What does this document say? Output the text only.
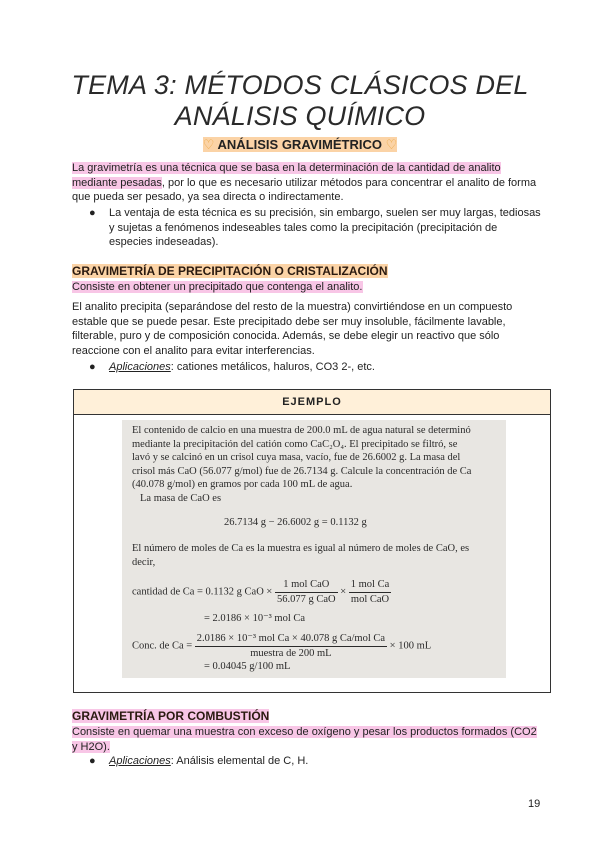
TEMA 3: MÉTODOS CLÁSICOS DEL
ANÁLISIS QUÍMICO
♡ ANÁLISIS GRAVIMÉTRICO ♡

La gravimetría es una técnica que se basa en la determinación de la cantidad de analito
mediante pesadas, por lo que es necesario utilizar métodos para concentrar el analito de forma
que pueda ser pesado, ya sea directa o indirectamente.

● La ventaja de esta técnica es su precisión, sin embargo, suelen ser muy largas, tediosas
y sujetas a fenómenos indeseables tales como la precipitación (precipitación de
especies indeseadas).
GRAVIMETRÍA DE PRECIPITACIÓN O CRISTALIZACIÓN

Consiste en obtener un precipitado que contenga el analito.

El analito precipita (separándose del resto de la muestra) convirtiéndose en un compuesto
estable que se puede pesar. Este precipitado debe ser muy insoluble, fácilmente lavable,
filterable, puro y de composición conocida. Además, se debe elegir un reactivo que sólo
reaccione con el analito para evitar interferencias.

● Aplicaciones: cationes metálicos, haluros, CO3 2-, etc.
EJEMPLO

El contenido de calcio en una muestra de 200.0 mL de agua natural se determinó
mediante la precipitación del catión como CaC₂O₄. El precipitado se filtró, se
lavó y se calcinó en un crisol cuya masa, vacío, fue de 26.6002 g. La masa del
crisol más CaO (56.077 g/mol) fue de 26.7134 g. Calcule la concentración de Ca
(40.078 g/mol) en gramos por cada 100 mL de agua.

La masa de CaO es

26.7134 g − 26.6002 g = 0.1132 g

El número de moles de Ca es la muestra es igual al número de moles de CaO, es
decir,

cantidad de Ca = 0.1132 g CaO × $\frac{\text{1 mol CaO}}{\text{56.077 g CaO}} \times \frac{\text{1 mol Ca}}{\text{mol CaO}}$
= 2.0186 × 10⁻³ mol Ca
Conc. de $Ca = \frac{\text{2.0186 × 10⁻³ mol Ca × 40.078 g Ca/mol Ca}}{\text{muestra de 200 mL}} \times 100$ mL
= 0.04045 g/100 mL
GRAVIMETRÍA POR COMBUSTIÓN

Consiste en quemar una muestra con exceso de oxígeno y pesar los productos formados (CO2
y H2O).

● Aplicaciones: Análisis elemental de C, H.
19
